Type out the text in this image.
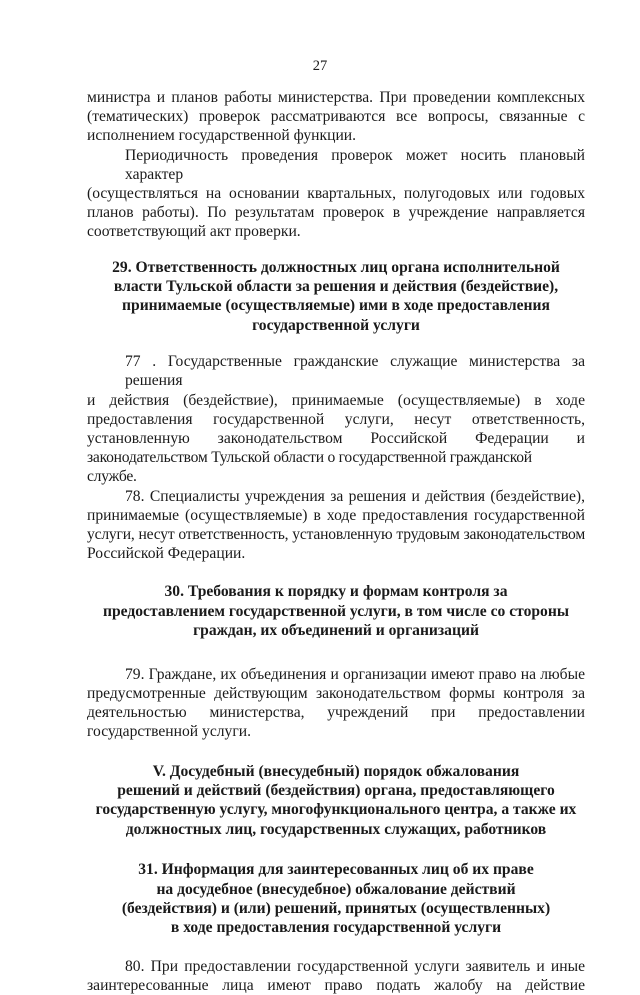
27

министра и планов работы министерства. При проведении комплексных
(тематических) проверок рассматриваются все вопросы, связанные с
исполнением государственной функции.

Периодичность проведения проверок может носить плановый характер
(осуществляться на основании квартальных, полугодовых или годовых
планов работы). По результатам проверок в учреждение направляется
соответствующий акт проверки.

29. Ответственность должностных лиц органа исполнительной
власти Тульской области за решения и действия (бездействие),
принимаемые (осуществляемые) ими в ходе предоставления
государственной услуги

77 . Государственные гражданские служащие министерства за решения
и действия (бездействие), принимаемые (осуществляемые) в ходе
предоставления государственной услуги, несут ответственность,
установленную законодательством Российской Федерации и
законодательством Тульской области о государственной гражданской службе.

78. Специалисты учреждения за решения и действия (бездействие),
принимаемые (осуществляемые) в ходе предоставления государственной
услуги, несут ответственность, установленную трудовым законодательством
Российской Федерации.

30. Требования к порядку и формам контроля за
предоставлением государственной услуги, в том числе со стороны
граждан, их объединений и организаций

79. Граждане, их объединения и организации имеют право на любые
предусмотренные действующим законодательством формы контроля за
деятельностью министерства, учреждений при предоставлении
государственной услуги.

V. Досудебный (внесудебный) порядок обжалования
решений и действий (бездействия) органа, предоставляющего
государственную услугу, многофункционального центра, а также их
должностных лиц, государственных служащих, работников
31. Информация для заинтересованных лиц об их праве
на досудебное (внесудебное) обжалование действий
(бездействия) и (или) решений, принятых (осуществленных)
в ходе предоставления государственной услуги

80. При предоставлении государственной услуги заявитель и иные
заинтересованные лица имеют право подать жалобу на действие
